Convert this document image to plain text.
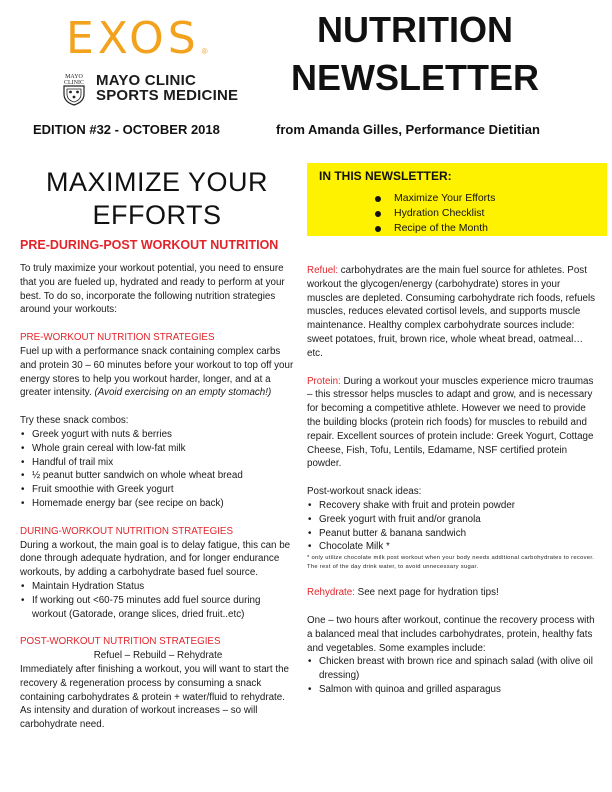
EXOS ®
MAYO
CLINIC MAYO CLINIC
SPORTS MEDICINE
NUTRITION
NEWSLETTER
EDITION #32 - OCTOBER 2018	from Amanda Gilles, Performance Dietitian
MAXIMIZE YOUR
EFFORTS
IN THIS NEWSLETTER:
Maximize Your Efforts
Hydration Checklist
Recipe of the Month
PRE-DURING-POST WORKOUT NUTRITION
To truly maximize your workout potential, you need to ensure that you are fueled up, hydrated and ready to perform at your best. To do so, incorporate the following nutrition strategies around your workouts:
PRE-WORKOUT NUTRITION STRATEGIES
Fuel up with a performance snack containing complex carbs and protein 30 – 60 minutes before your workout to top off your energy stores to help you workout harder, longer, and at a greater intensity. (Avoid exercising on an empty stomach!)
Try these snack combos:
• Greek yogurt with nuts & berries
• Whole grain cereal with low-fat milk
• Handful of trail mix
• ½ peanut butter sandwich on whole wheat bread
• Fruit smoothie with Greek yogurt
• Homemade energy bar (see recipe on back)
DURING-WORKOUT NUTRITION STRATEGIES
During a workout, the main goal is to delay fatigue, this can be done through adequate hydration, and for longer endurance workouts, by adding a carbohydrate based fuel source.
• Maintain Hydration Status
• If working out <60-75 minutes add fuel source during workout (Gatorade, orange slices, dried fruit..etc)
POST-WORKOUT NUTRITION STRATEGIES
Refuel – Rebuild – Rehydrate
Immediately after finishing a workout, you will want to start the recovery & regeneration process by consuming a snack containing carbohydrates & protein + water/fluid to rehydrate. As intensity and duration of workout increases – so will carbohydrate need.
Refuel: carbohydrates are the main fuel source for athletes. Post workout the glycogen/energy (carbohydrate) stores in your muscles are depleted. Consuming carbohydrate rich foods, refuels muscles, reduces elevated cortisol levels, and supports muscle maintenance. Healthy complex carbohydrate sources include: sweet potatoes, fruit, brown rice, whole wheat bread, oatmeal…etc.
Protein: During a workout your muscles experience micro traumas – this stressor helps muscles to adapt and grow, and is necessary for becoming a competitive athlete. However we need to provide the building blocks (protein rich foods) for muscles to rebuild and repair. Excellent sources of protein include: Greek Yogurt, Cottage Cheese, Fish, Tofu, Lentils, Edamame, NSF certified protein powder.
Post-workout snack ideas:
• Recovery shake with fruit and protein powder
• Greek yogurt with fruit and/or granola
• Peanut butter & banana sandwich
• Chocolate Milk *
* only utilize chocolate milk post workout when your body needs additional carbohydrates to recover. The rest of the day drink water, to avoid unnecessary sugar.
Rehydrate: See next page for hydration tips!
One – two hours after workout, continue the recovery process with a balanced meal that includes carbohydrates, protein, healthy fats and vegetables. Some examples include:
• Chicken breast with brown rice and spinach salad (with olive oil dressing)
• Salmon with quinoa and grilled asparagus
